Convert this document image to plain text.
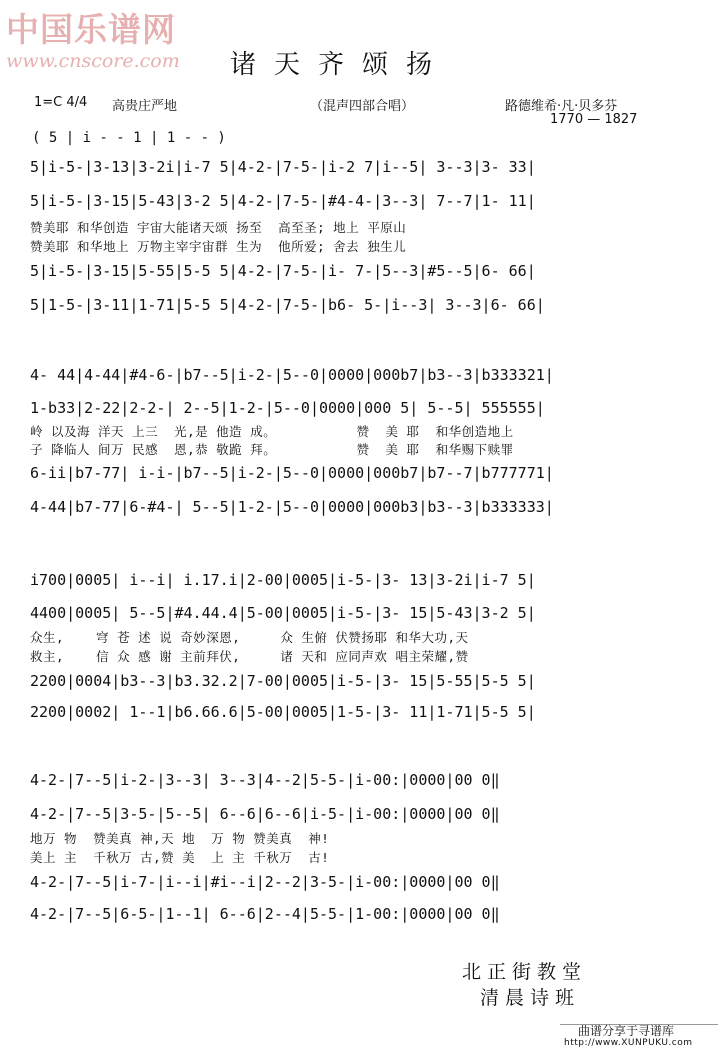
中国乐谱网
www.cnscore.com 诸天齐颂扬
1=C 4/4 高贵庄严地	（混声四部合唱）	路德维希·凡·贝多芬
1770 — 1827
( 5 | i - - 1 | 1 - - )
5|i-5-|3-13|3-2i|i-7 5|4-2-|7-5-|i-2 7|i--5| 3--3|3- 33|
5|i-5-|3-15|5-43|3-2 5|4-2-|7-5-|#4-4-|3--3| 7--7|1- 11|
赞美耶 和华创造 宇宙大能诸天颂 扬至  高至圣; 地上 平原山
赞美耶 和华地上 万物主宰宇宙群 生为  他所爱; 舍去 独生儿
5|i-5-|3-15|5-55|5-5 5|4-2-|7-5-|i- 7-|5--3|#5--5|6- 66|
5|1-5-|3-11|1-71|5-5 5|4-2-|7-5-|b6- 5-|i--3| 3--3|6- 66|
4- 44|4-44|#4-6-|b7--5|i-2-|5--0|0000|000b7|b3--3|b333321|
1-b33|2-22|2-2-| 2--5|1-2-|5--0|0000|000 5| 5--5| 555555|
岭 以及海 洋天 上三  光,是 他造 成。          赞  美 耶  和华创造地上
子 降临人 间万 民感  恩,恭 敬跪 拜。          赞  美 耶  和华赐下赎罪
6-ii|b7-77| i-i-|b7--5|i-2-|5--0|0000|000b7|b7--7|b777771|
4-44|b7-77|6-#4-| 5--5|1-2-|5--0|0000|000b3|b3--3|b333333|
i700|0005| i--i| i.17.i|2-00|0005|i-5-|3- 13|3-2i|i-7 5|
4400|0005| 5--5|#4.44.4|5-00|0005|i-5-|3- 15|5-43|3-2 5|
众生,    穹 苍 述 说 奇妙深恩,     众 生俯 伏赞扬耶 和华大功,天
救主,    信 众 感 谢 主前拜伏,     诸 天和 应同声欢 唱主荣耀,赞
2200|0004|b3--3|b3.32.2|7-00|0005|i-5-|3- 15|5-55|5-5 5|
2200|0002| 1--1|b6.66.6|5-00|0005|1-5-|3- 11|1-71|5-5 5|
4-2-|7--5|i-2-|3--3| 3--3|4--2|5-5-|i-00:|0000|00 0‖
4-2-|7--5|3-5-|5--5| 6--6|6--6|i-5-|i-00:|0000|00 0‖
地万 物  赞美真 神,天 地  万 物 赞美真  神!
美上 主  千秋万 古,赞 美  上 主 千秋万  古!
4-2-|7--5|i-7-|i--i|#i--i|2--2|3-5-|i-00:|0000|00 0‖
4-2-|7--5|6-5-|1--1| 6--6|2--4|5-5-|1-00:|0000|00 0‖
北正街教堂
清晨诗班
曲谱分享于寻谱库
http://www.XUNPUKU.com
